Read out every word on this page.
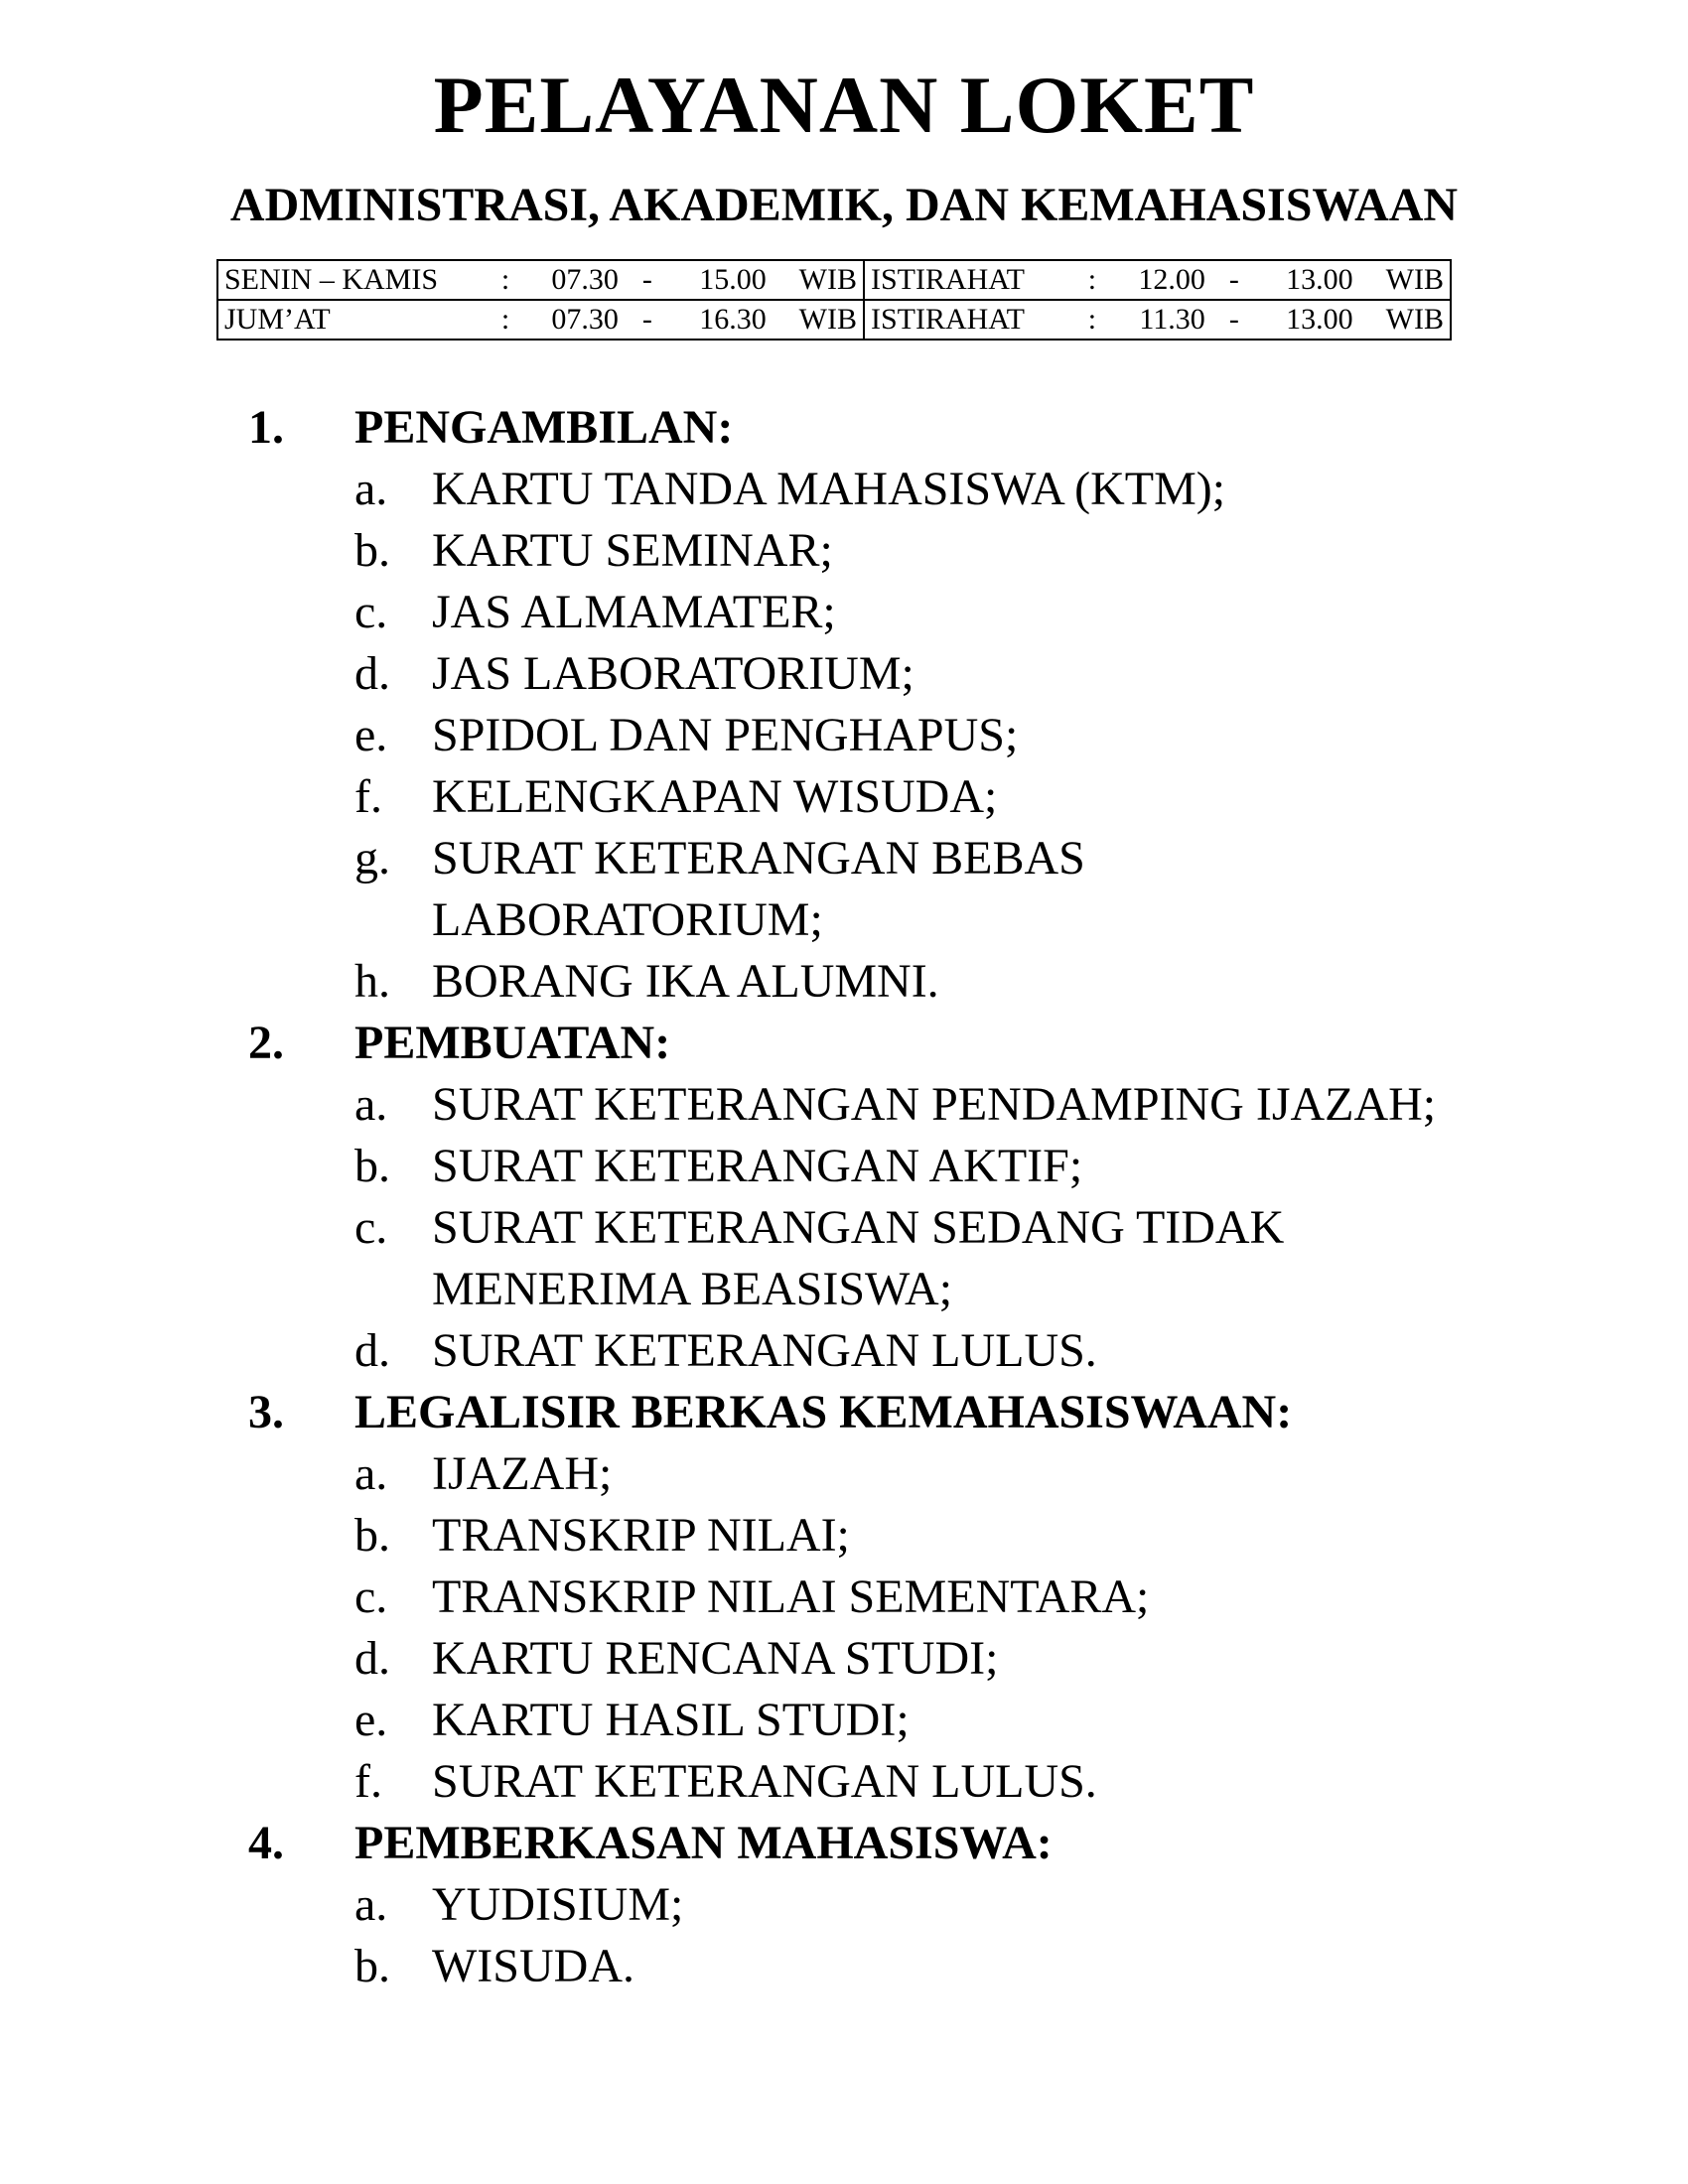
PELAYANAN LOKET
ADMINISTRASI, AKADEMIK, DAN KEMAHASISWAAN
SENIN – KAMIS	:	07.30	-	15.00	WIB	ISTIRAHAT	:	12.00	-	13.00	WIB
JUM’AT	:	07.30	-	16.30	WIB	ISTIRAHAT	:	11.30	-	13.00	WIB
1.	PENGAMBILAN:
a. KARTU TANDA MAHASISWA (KTM);
b. KARTU SEMINAR;
c. JAS ALMAMATER;
d. JAS LABORATORIUM;
e. SPIDOL DAN PENGHAPUS;
f.	KELENGKAPAN WISUDA;
g. SURAT KETERANGAN BEBAS
LABORATORIUM;
h. BORANG IKA ALUMNI.
2.	PEMBUATAN:
a. SURAT KETERANGAN PENDAMPING IJAZAH;
b. SURAT KETERANGAN AKTIF;
c. SURAT KETERANGAN SEDANG TIDAK
MENERIMA BEASISWA;
d. SURAT KETERANGAN LULUS.
3.	LEGALISIR BERKAS KEMAHASISWAAN:
a. IJAZAH;
b. TRANSKRIP NILAI;
c. TRANSKRIP NILAI SEMENTARA;
d. KARTU RENCANA STUDI;
e. KARTU HASIL STUDI;
f.	SURAT KETERANGAN LULUS.
4.	PEMBERKASAN MAHASISWA:
a. YUDISIUM;
b. WISUDA.
